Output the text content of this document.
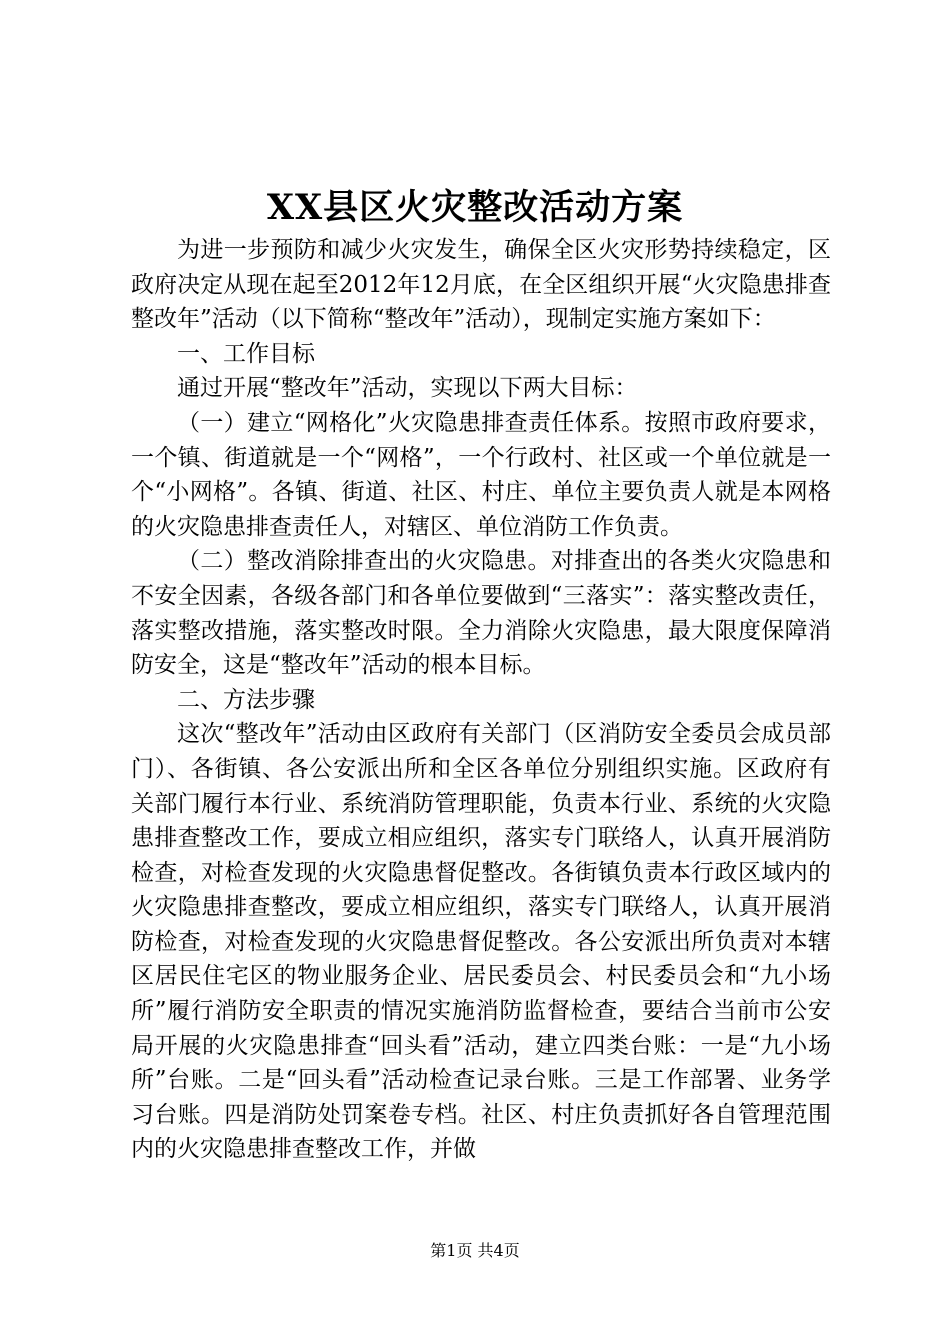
XX县区火灾整改活动方案

为进一步预防和减少火灾发生，确保全区火灾形势持续稳定，区政府决定从现在起至2012年12月底，在全区组织开展“火灾隐患排查整改年”活动（以下简称“整改年”活动），现制定实施方案如下：

一、工作目标

通过开展“整改年”活动，实现以下两大目标：

（一）建立“网格化”火灾隐患排查责任体系。按照市政府要求，一个镇、街道就是一个“网格”，一个行政村、社区或一个单位就是一个“小网格”。各镇、街道、社区、村庄、单位主要负责人就是本网格的火灾隐患排查责任人，对辖区、单位消防工作负责。

（二）整改消除排查出的火灾隐患。对排查出的各类火灾隐患和不安全因素，各级各部门和各单位要做到“三落实”：落实整改责任，落实整改措施，落实整改时限。全力消除火灾隐患，最大限度保障消防安全，这是“整改年”活动的根本目标。

二、方法步骤

这次“整改年”活动由区政府有关部门（区消防安全委员会成员部门）、各街镇、各公安派出所和全区各单位分别组织实施。区政府有关部门履行本行业、系统消防管理职能，负责本行业、系统的火灾隐患排查整改工作，要成立相应组织，落实专门联络人，认真开展消防检查，对检查发现的火灾隐患督促整改。各街镇负责本行政区域内的火灾隐患排查整改，要成立相应组织，落实专门联络人，认真开展消防检查，对检查发现的火灾隐患督促整改。各公安派出所负责对本辖区居民住宅区的物业服务企业、居民委员会、村民委员会和“九小场所”履行消防安全职责的情况实施消防监督检查，要结合当前市公安局开展的火灾隐患排查“回头看”活动，建立四类台账：一是“九小场所”台账。二是“回头看”活动检查记录台账。三是工作部署、业务学习台账。四是消防处罚案卷专档。社区、村庄负责抓好各自管理范围内的火灾隐患排查整改工作，并做

第1页 共4页
